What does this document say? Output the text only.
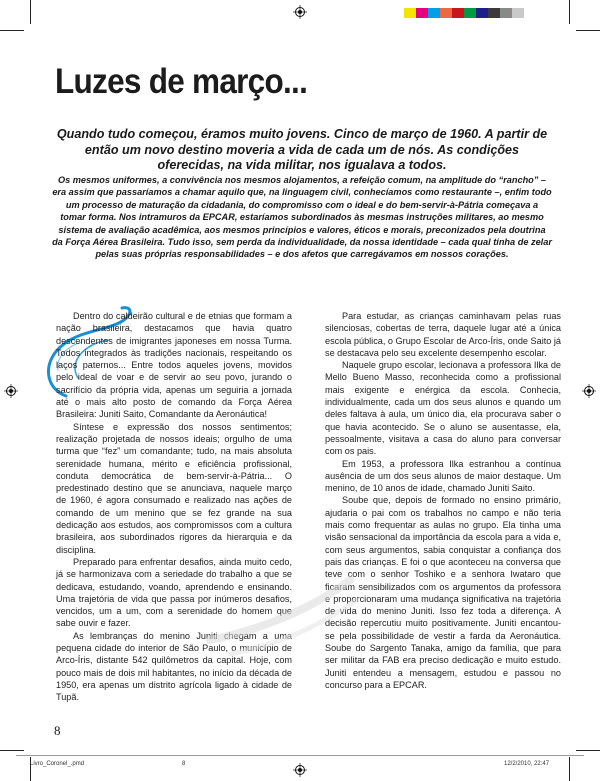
Luzes de março...
Quando tudo começou, éramos muito jovens. Cinco de março de 1960. A partir de então um novo destino moveria a vida de cada um de nós. As condições oferecidas, na vida militar, nos igualava a todos.
Os mesmos uniformes, a convivência nos mesmos alojamentos, a refeição comum, na amplitude do “rancho” – era assim que passaríamos a chamar aquilo que, na linguagem civil, conhecíamos como restaurante –, enfim todo um processo de maturação da cidadania, do compromisso com o ideal e do bem-servir-à-Pátria começava a tomar forma. Nos intramuros da EPCAR, estaríamos subordinados às mesmas instruções militares, ao mesmo sistema de avaliação acadêmica, aos mesmos princípios e valores, éticos e morais, preconizados pela doutrina da Força Aérea Brasileira. Tudo isso, sem perda da individualidade, da nossa identidade – cada qual tinha de zelar pelas suas próprias responsabilidades – e dos afetos que carregávamos em nossos corações.

Dentro do caldeirão cultural e de etnias que formam a nação brasileira, destacamos que havia quatro descendentes de imigrantes japoneses em nossa Turma. Todos integrados às tradições nacionais, respeitando os laços paternos... Entre todos aqueles jovens, movidos pelo ideal de voar e de servir ao seu povo, jurando o sacrifício da própria vida, apenas um seguiria a jornada até o mais alto posto de comando da Força Aérea Brasileira: Juniti Saito, Comandante da Aeronáutica!

Síntese e expressão dos nossos sentimentos; realização projetada de nossos ideais; orgulho de uma turma que “fez” um comandante; tudo, na mais absoluta serenidade humana, mérito e eficiência profissional, conduta democrática de bem-servir-à-Pátria... O predestinado destino que se anunciava, naquele março de 1960, é agora consumado e realizado nas ações de comando de um menino que se fez grande na sua dedicação aos estudos, aos compromissos com a cultura brasileira, aos subordinados rigores da hierarquia e da disciplina.

Preparado para enfrentar desafios, ainda muito cedo, já se harmonizava com a seriedade do trabalho a que se dedicava, estudando, voando, aprendendo e ensinando. Uma trajetória de vida que passa por inúmeros desafios, vencidos, um a um, com a serenidade do homem que sabe ouvir e fazer.

As lembranças do menino Juniti chegam a uma pequena cidade do interior de São Paulo, o município de Arco-Íris, distante 542 quilômetros da capital. Hoje, com pouco mais de dois mil habitantes, no início da década de 1950, era apenas um distrito agrícola ligado à cidade de Tupã.

Para estudar, as crianças caminhavam pelas ruas silenciosas, cobertas de terra, daquele lugar até a única escola pública, o Grupo Escolar de Arco-Íris, onde Saito já se destacava pelo seu excelente desempenho escolar.

Naquele grupo escolar, lecionava a professora Ilka de Mello Bueno Masso, reconhecida como a profissional mais exigente e enérgica da escola. Conhecia, individualmente, cada um dos seus alunos e quando um deles faltava à aula, um único dia, ela procurava saber o que havia acontecido. Se o aluno se ausentasse, ela, pessoalmente, visitava a casa do aluno para conversar com os pais.

Em 1953, a professora Ilka estranhou a contínua ausência de um dos seus alunos de maior destaque. Um menino, de 10 anos de idade, chamado Juniti Saito.

Soube que, depois de formado no ensino primário, ajudaria o pai com os trabalhos no campo e não teria mais como frequentar as aulas no grupo. Ela tinha uma visão sensacional da importância da escola para a vida e, com seus argumentos, sabia conquistar a confiança dos pais das crianças. E foi o que aconteceu na conversa que teve com o senhor Toshiko e a senhora Iwataro que ficaram sensibilizados com os argumentos da professora e proporcionaram uma mudança significativa na trajetória de vida do menino Juniti. Isso fez toda a diferença. A decisão repercutiu muito positivamente. Juniti encantou-se pela possibilidade de vestir a farda da Aeronáutica. Soube do Sargento Tanaka, amigo da família, que para ser militar da FAB era preciso dedicação e muito estudo. Juniti entendeu a mensagem, estudou e passou no concurso para a EPCAR.

8
Livro_Coronel_.pmd	8	12/2/2010, 22:47
